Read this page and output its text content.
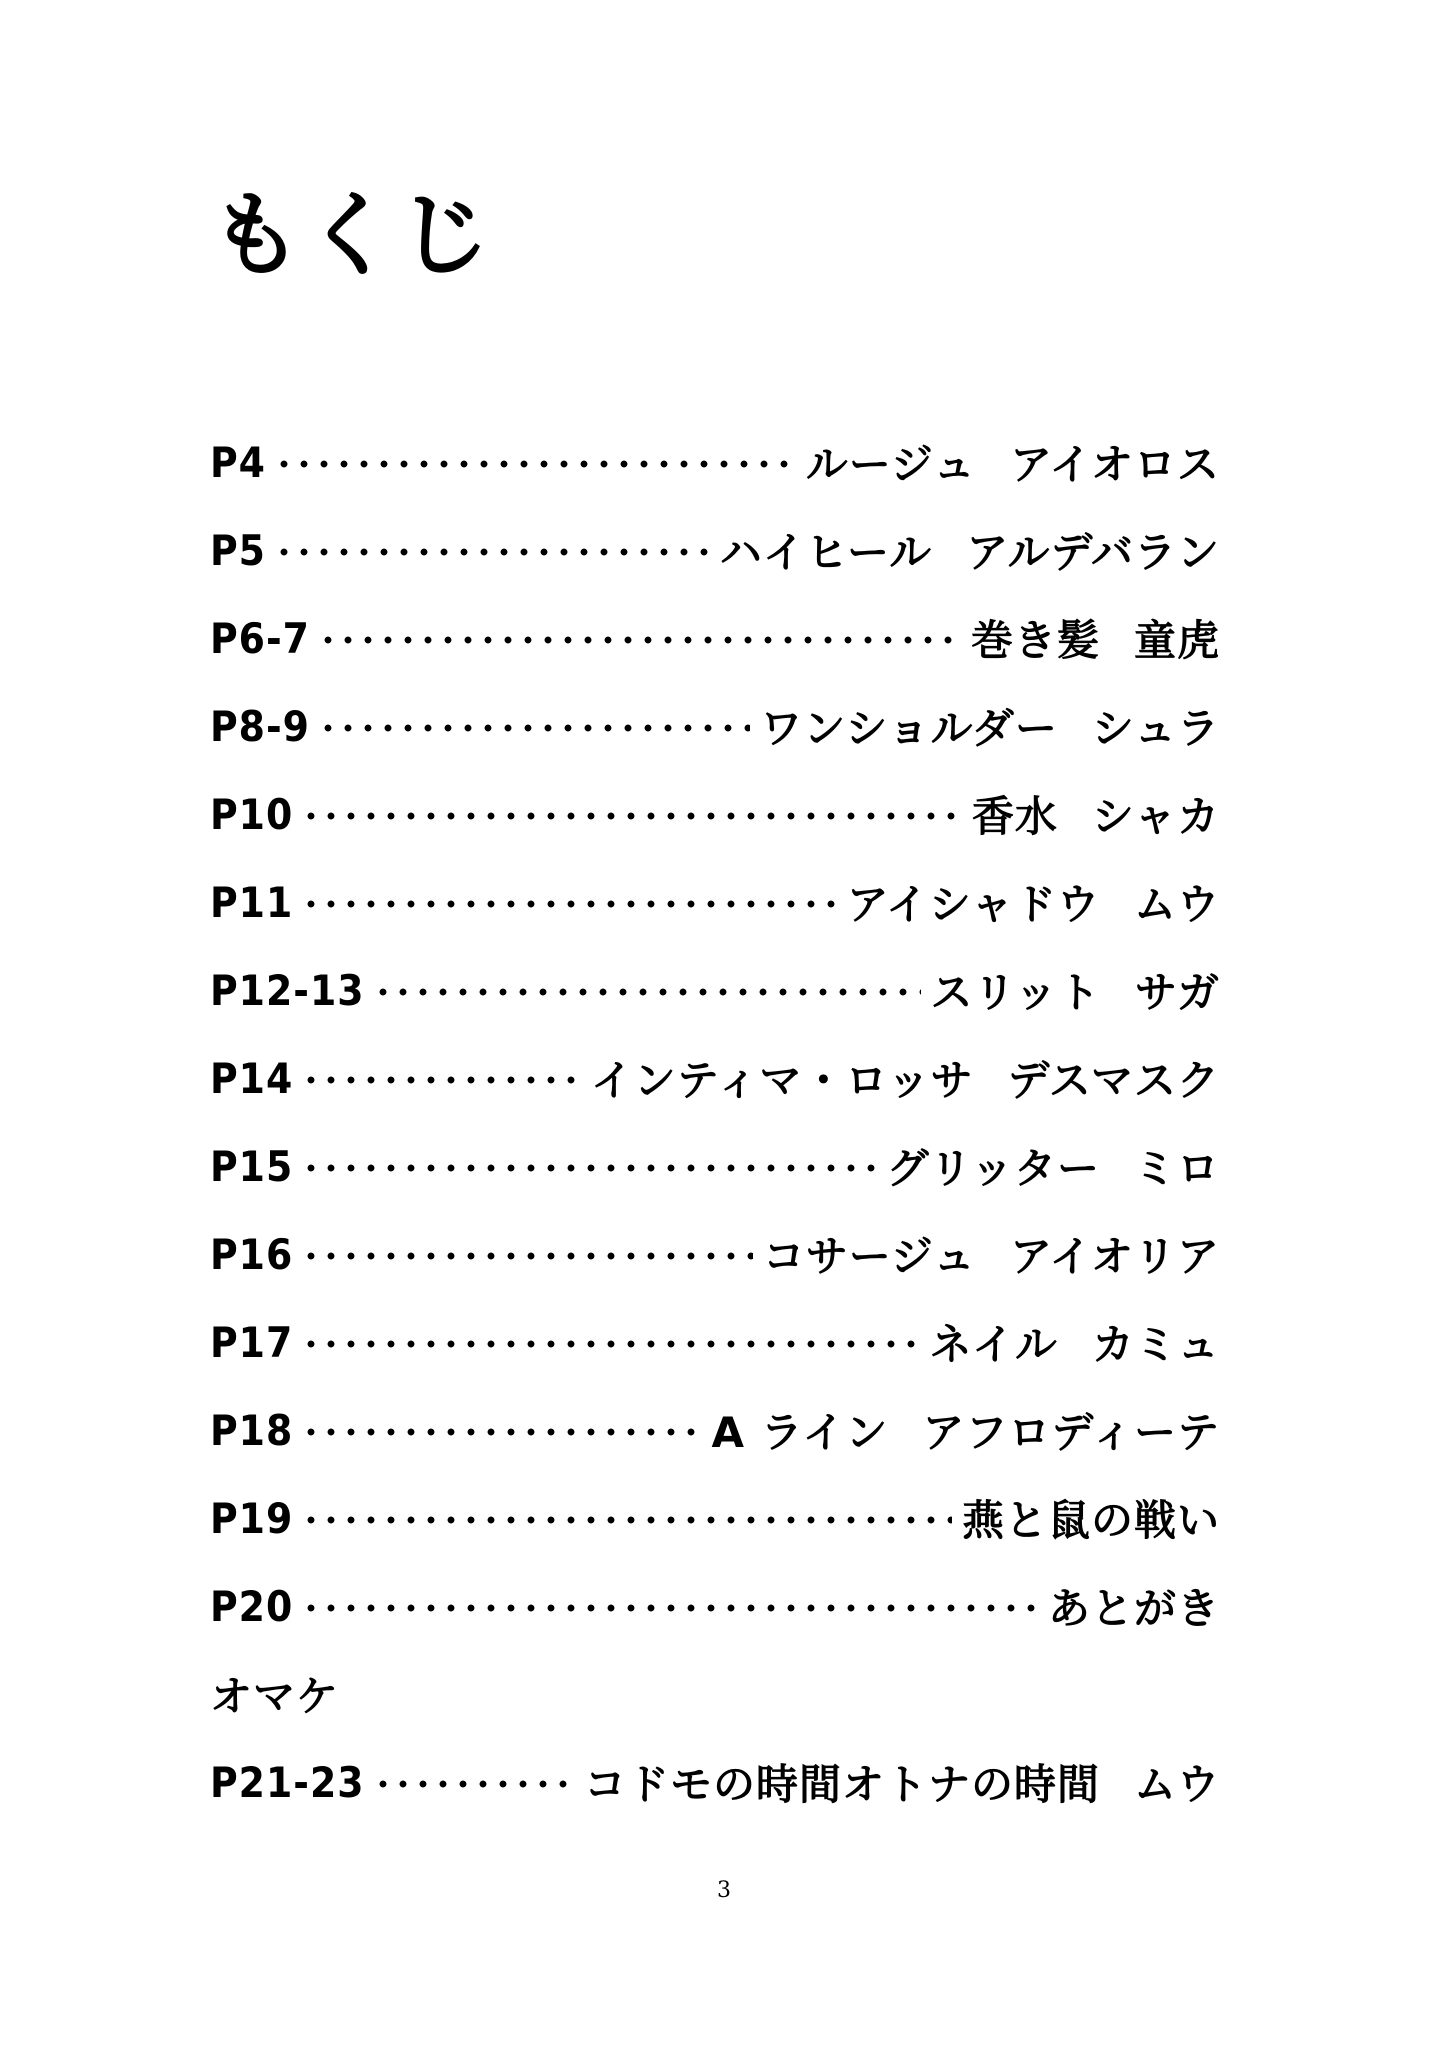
もくじ
P4	ルージュ アイオロス
P5	ハイヒール アルデバラン
P6-7	巻き髪 童虎
P8-9	ワンショルダー シュラ
P10	香水 シャカ
P11	アイシャドウ ムウ
P12-13	スリット サガ
P14	インティマ・ロッサ デスマスク
P15	グリッター ミロ
P16	コサージュ アイオリア
P17	ネイル カミュ
P18	A ライン アフロディーテ
P19	燕と鼠の戦い
P20	あとがき
オマケ
P21-23	コドモの時間オトナの時間 ムウ
3
